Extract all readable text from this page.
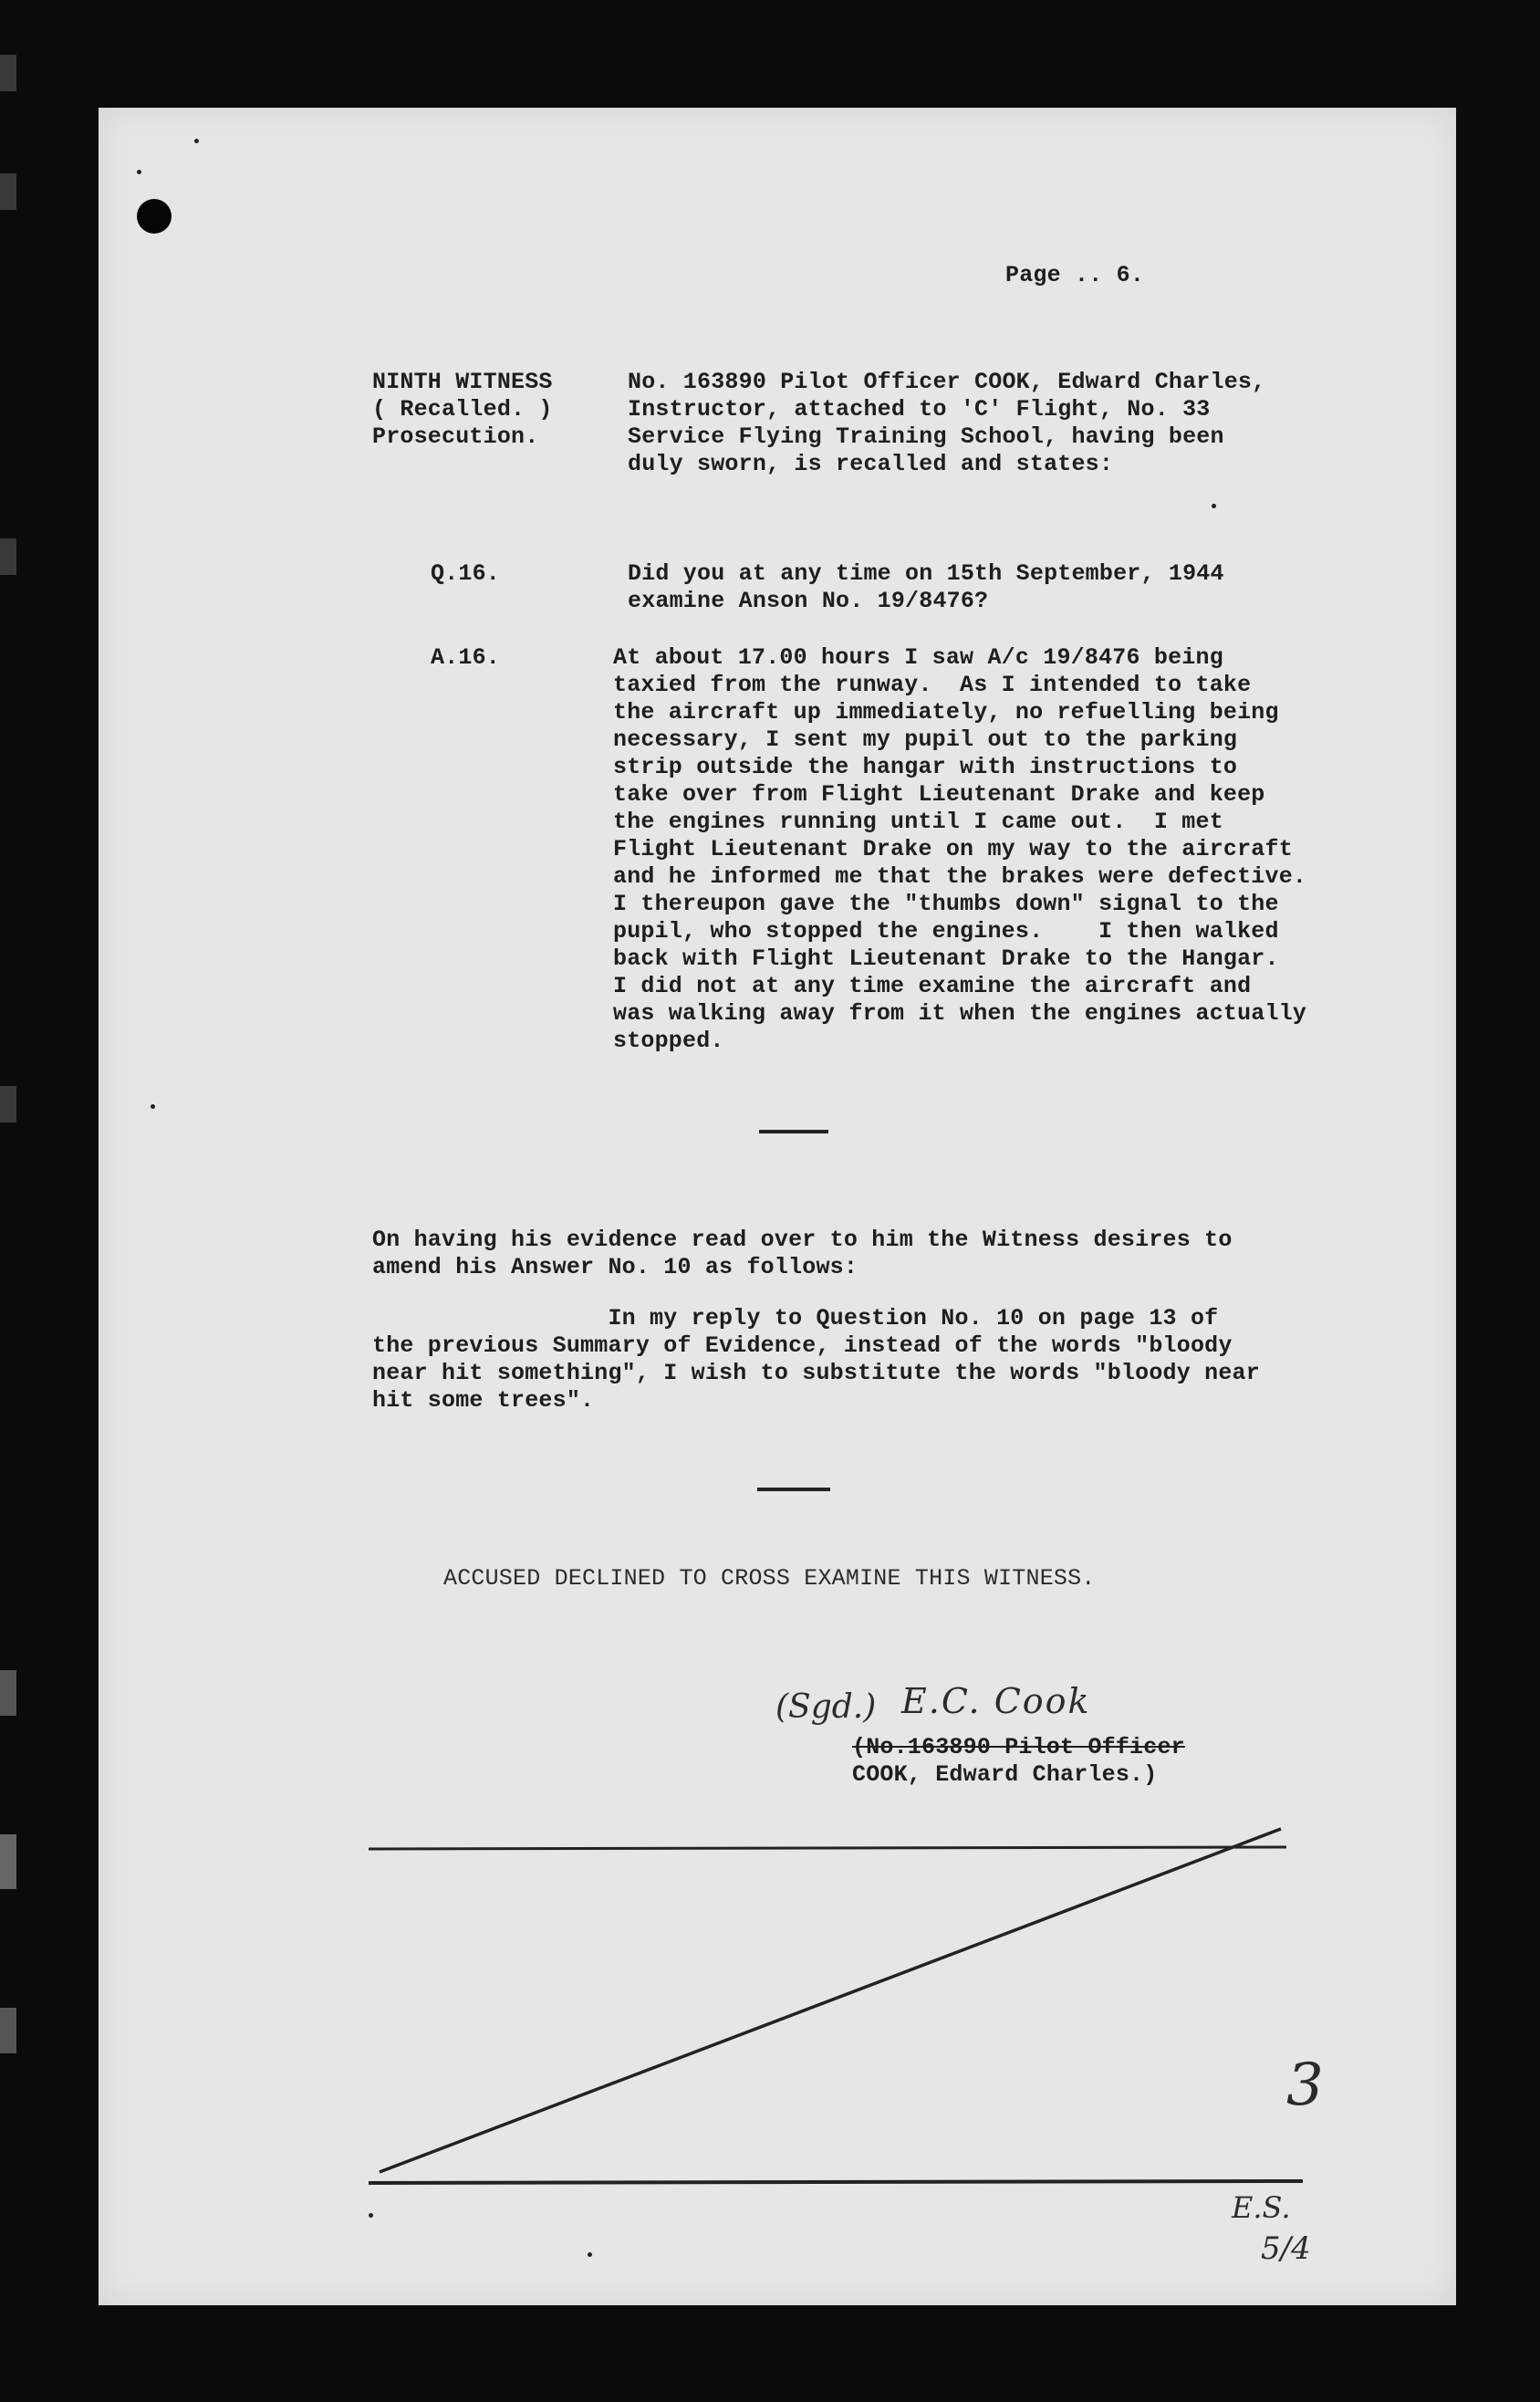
Page .. 6.
NINTH WITNESS
( Recalled. )
Prosecution.
No. 163890 Pilot Officer COOK, Edward Charles,
Instructor, attached to 'C' Flight, No. 33
Service Flying Training School, having been
duly sworn, is recalled and states:
Q.16.	Did you at any time on 15th September, 1944
examine Anson No. 19/8476?
A.16.	At about 17.00 hours I saw A/c 19/8476 being
taxied from the runway.  As I intended to take
the aircraft up immediately, no refuelling being
necessary, I sent my pupil out to the parking
strip outside the hangar with instructions to
take over from Flight Lieutenant Drake and keep
the engines running until I came out.  I met
Flight Lieutenant Drake on my way to the aircraft
and he informed me that the brakes were defective.
I thereupon gave the "thumbs down" signal to the
pupil, who stopped the engines.    I then walked
back with Flight Lieutenant Drake to the Hangar.
I did not at any time examine the aircraft and
was walking away from it when the engines actually
stopped.
On having his evidence read over to him the Witness desires to
amend his Answer No. 10 as follows:
In my reply to Question No. 10 on page 13 of
the previous Summary of Evidence, instead of the words "bloody
near hit something", I wish to substitute the words "bloody near
hit some trees".
ACCUSED DECLINED TO CROSS EXAMINE THIS WITNESS.
(Sgd.) E.C. Cook
(No.163890 Pilot Officer
COOK, Edward Charles.)
3
E.S.
5/4
